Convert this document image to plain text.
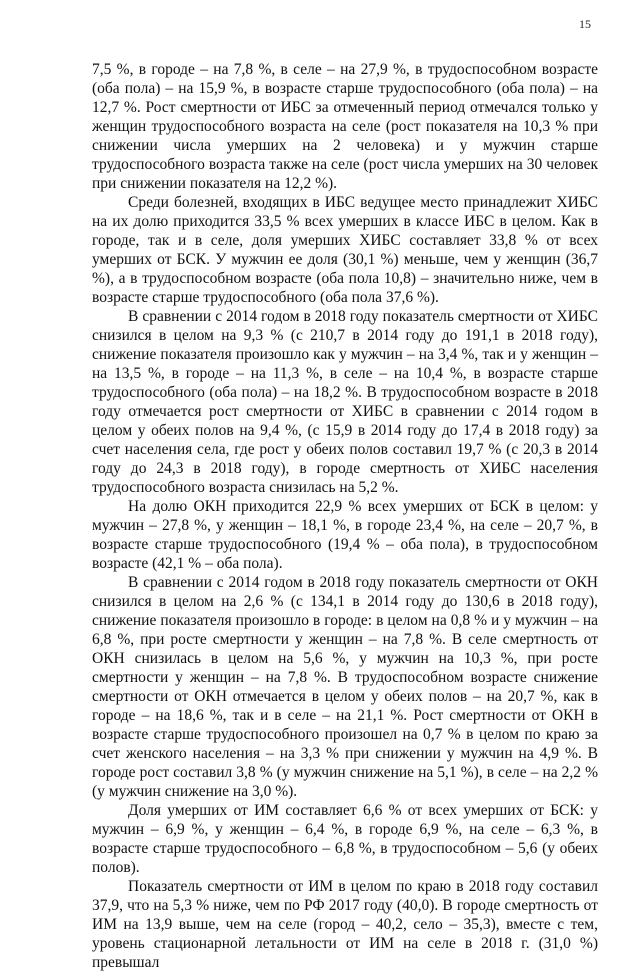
15

7,5 %, в городе – на 7,8 %, в селе – на 27,9 %, в трудоспособном возрасте (оба пола) – на 15,9 %, в возрасте старше трудоспособного (оба пола) – на 12,7 %. Рост смертности от ИБС за отмеченный период отмечался только у женщин трудоспособного возраста на селе (рост показателя на 10,3 % при снижении числа умерших на 2 человека) и у мужчин старше трудоспособного возраста также на селе (рост числа умерших на 30 человек при снижении показателя на 12,2 %).

Среди болезней, входящих в ИБС ведущее место принадлежит ХИБС на их долю приходится 33,5 % всех умерших в классе ИБС в целом. Как в городе, так и в селе, доля умерших ХИБС составляет 33,8 % от всех умерших от БСК. У мужчин ее доля (30,1 %) меньше, чем у женщин (36,7 %), а в трудоспособном возрасте (оба пола 10,8) – значительно ниже, чем в возрасте старше трудоспособного (оба пола 37,6 %).

В сравнении с 2014 годом в 2018 году показатель смертности от ХИБС снизился в целом на 9,3 % (с 210,7 в 2014 году до 191,1 в 2018 году), снижение показателя произошло как у мужчин – на 3,4 %, так и у женщин – на 13,5 %, в городе – на 11,3 %, в селе – на 10,4 %, в возрасте старше трудоспособного (оба пола) – на 18,2 %. В трудоспособном возрасте в 2018 году отмечается рост смертности от ХИБС в сравнении с 2014 годом в целом у обеих полов на 9,4 %, (с 15,9 в 2014 году до 17,4 в 2018 году) за счет населения села, где рост у обеих полов составил 19,7 % (с 20,3 в 2014 году до 24,3 в 2018 году), в городе смертность от ХИБС населения трудоспособного возраста снизилась на 5,2 %.

На долю ОКН приходится 22,9 % всех умерших от БСК в целом: у мужчин – 27,8 %, у женщин – 18,1 %, в городе 23,4 %, на селе – 20,7 %, в возрасте старше трудоспособного (19,4 % – оба пола), в трудоспособном возрасте (42,1 % – оба пола).

В сравнении с 2014 годом в 2018 году показатель смертности от ОКН снизился в целом на 2,6 % (с 134,1 в 2014 году до 130,6 в 2018 году), снижение показателя произошло в городе: в целом на 0,8 % и у мужчин – на 6,8 %, при росте смертности у женщин – на 7,8 %. В селе смертность от ОКН снизилась в целом на 5,6 %, у мужчин на 10,3 %, при росте смертности у женщин – на 7,8 %. В трудоспособном возрасте снижение смертности от ОКН отмечается в целом у обеих полов – на 20,7 %, как в городе – на 18,6 %, так и в селе – на 21,1 %. Рост смертности от ОКН в возрасте старше трудоспособного произошел на 0,7 % в целом по краю за счет женского населения – на 3,3 % при снижении у мужчин на 4,9 %. В городе рост составил 3,8 % (у мужчин снижение на 5,1 %), в селе – на 2,2 % (у мужчин снижение на 3,0 %).

Доля умерших от ИМ составляет 6,6 % от всех умерших от БСК: у мужчин – 6,9 %, у женщин – 6,4 %, в городе 6,9 %, на селе – 6,3 %, в возрасте старше трудоспособного – 6,8 %, в трудоспособном – 5,6 (у обеих полов).

Показатель смертности от ИМ в целом по краю в 2018 году составил 37,9, что на 5,3 % ниже, чем по РФ 2017 году (40,0). В городе смертность от ИМ на 13,9 выше, чем на селе (город – 40,2, село – 35,3), вместе с тем, уровень стационарной летальности от ИМ на селе в 2018 г. (31,0 %) превышал
